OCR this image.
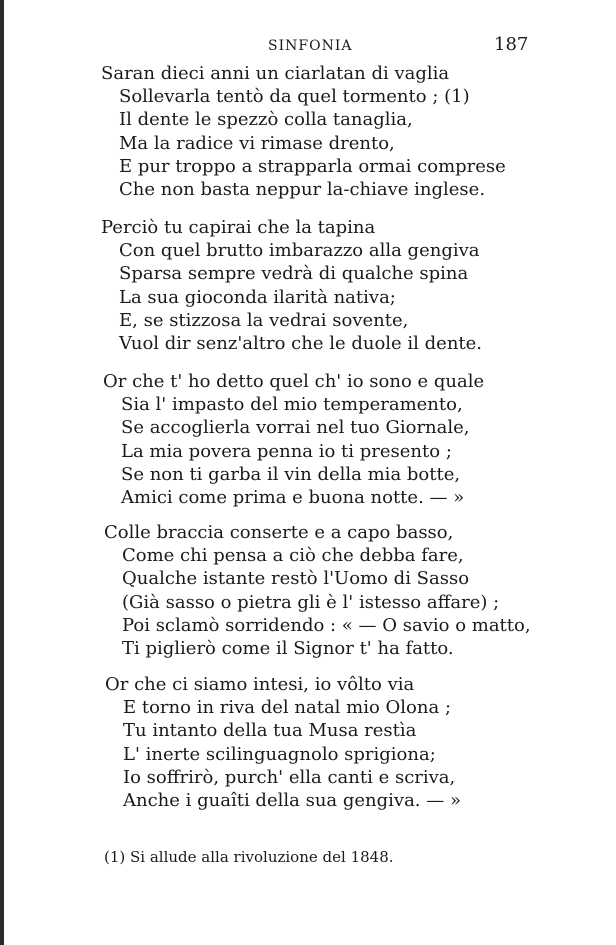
SINFONIA	187
Saran dieci anni un ciarlatan di vaglia
Sollevarla tentò da quel tormento ; (1)
Il dente le spezzò colla tanaglia,
Ma la radice vi rimase drento,
E pur troppo a strapparla ormai comprese
Che non basta neppur la-chiave inglese.
Perciò tu capirai che la tapina
Con quel brutto imbarazzo alla gengiva
Sparsa sempre vedrà di qualche spina
La sua gioconda ilarità nativa;
E, se stizzosa la vedrai sovente,
Vuol dir senz'altro che le duole il dente.
Or che t' ho detto quel ch' io sono e quale
Sia l' impasto del mio temperamento,
Se accoglierla vorrai nel tuo Giornale,
La mia povera penna io ti presento ;
Se non ti garba il vin della mia botte,
Amici come prima e buona notte. — »
Colle braccia conserte e a capo basso,
Come chi pensa a ciò che debba fare,
Qualche istante restò l'Uomo di Sasso
(Già sasso o pietra gli è l' istesso affare) ;
Poi sclamò sorridendo : « — O savio o matto,
Ti piglierò come il Signor t' ha fatto.
Or che ci siamo intesi, io vôlto via
E torno in riva del natal mio Olona ;
Tu intanto della tua Musa restìa
L' inerte scilinguagnolo sprigiona;
Io soffrirò, purch' ella canti e scriva,
Anche i guaîti della sua gengiva. — »
(1) Si allude alla rivoluzione del 1848.
